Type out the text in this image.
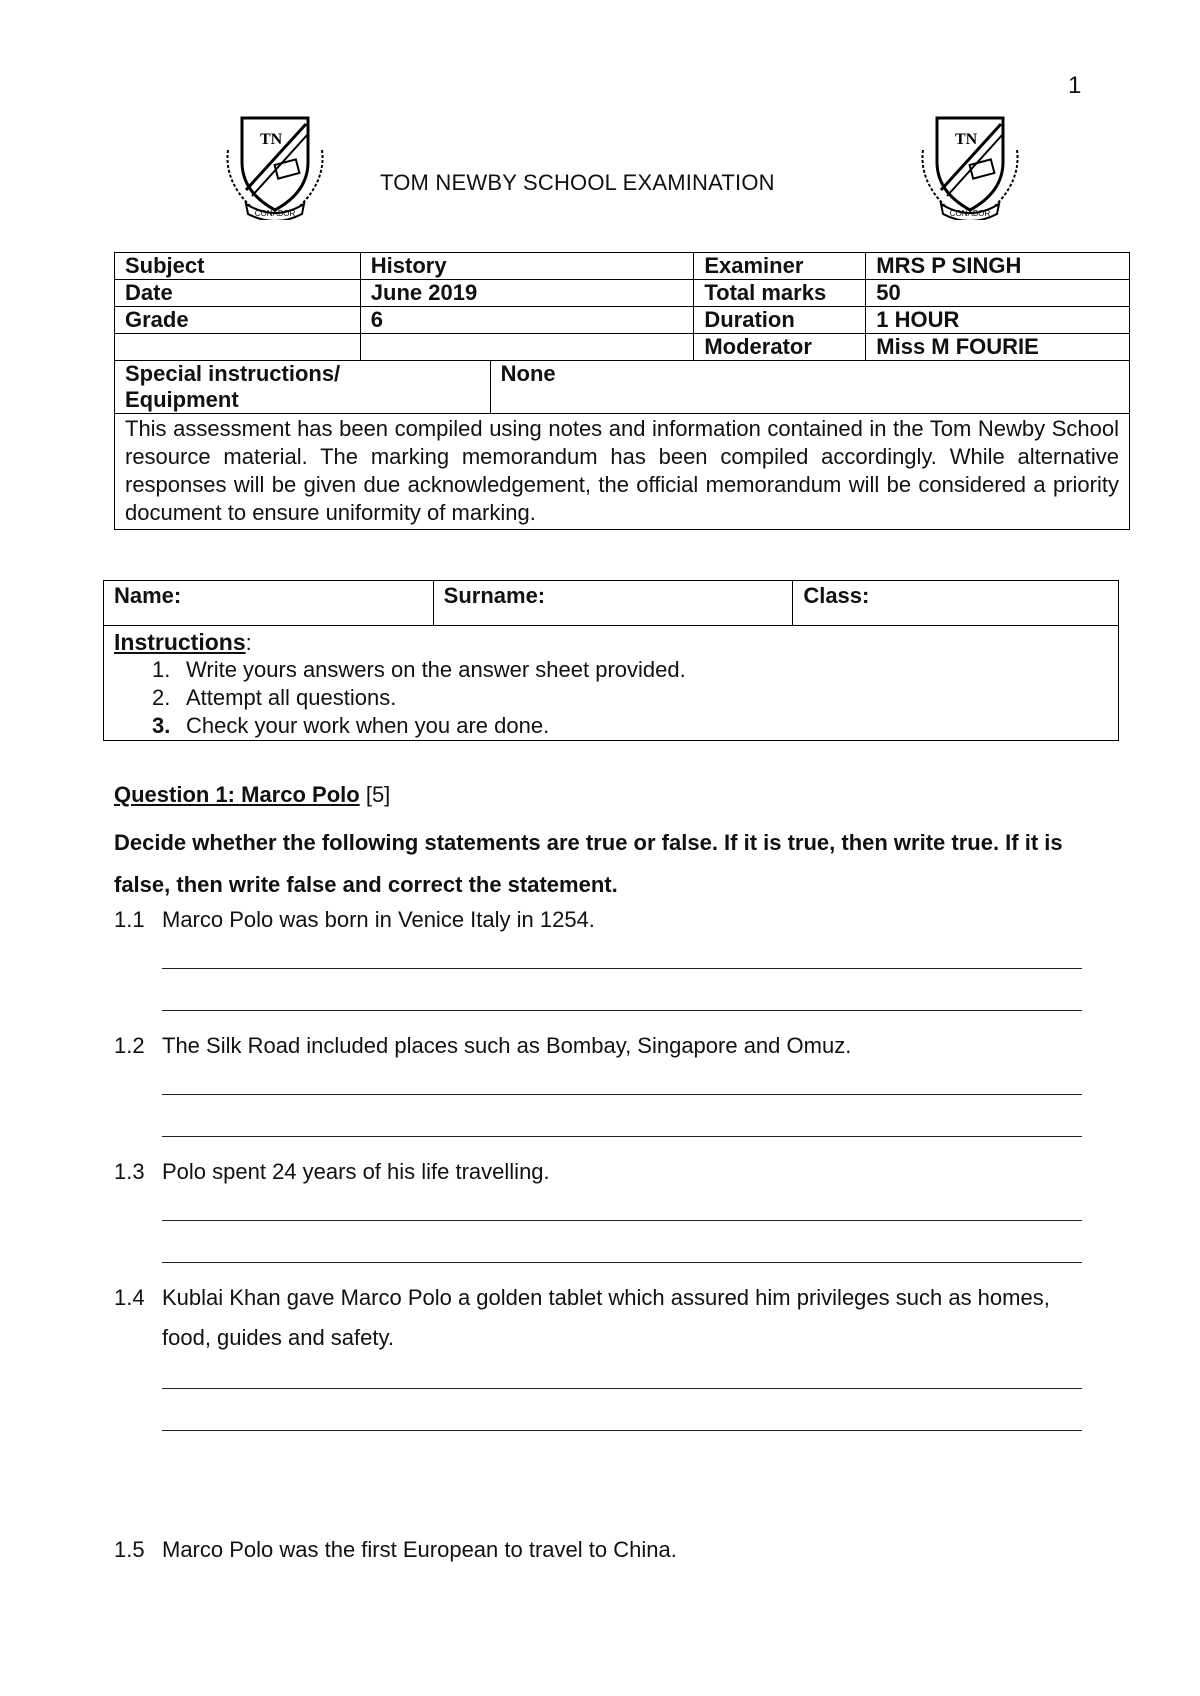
1
TN
CONABOR
TOM NEWBY SCHOOL EXAMINATION
TN
CONABOR
Subject	History		Examiner	MRS P SINGH
Date	June 2019		Total marks	50
Grade	6		Duration	1 HOUR
			Moderator	Miss M FOURIE
Special instructions/
Equipment		None		
This assessment has been compiled using notes and information contained in the Tom Newby School resource material. The marking memorandum has been compiled accordingly. While alternative responses will be given due acknowledgement, the official memorandum will be considered a priority document to ensure uniformity of marking.				
Name:	Surname:	Class:
Instructions:
1. Write yours answers on the answer sheet provided.
2. Attempt all questions.
3. Check your work when you are done.
Question 1: Marco Polo [5]
Decide whether the following statements are true or false. If it is true, then write true. If it is false, then write false and correct the statement.
1.1 Marco Polo was born in Venice Italy in 1254.
1.2 The Silk Road included places such as Bombay, Singapore and Omuz.
1.3 Polo spent 24 years of his life travelling.
1.4 Kublai Khan gave Marco Polo a golden tablet which assured him privileges such as homes, food, guides and safety.
1.5 Marco Polo was the first European to travel to China.
